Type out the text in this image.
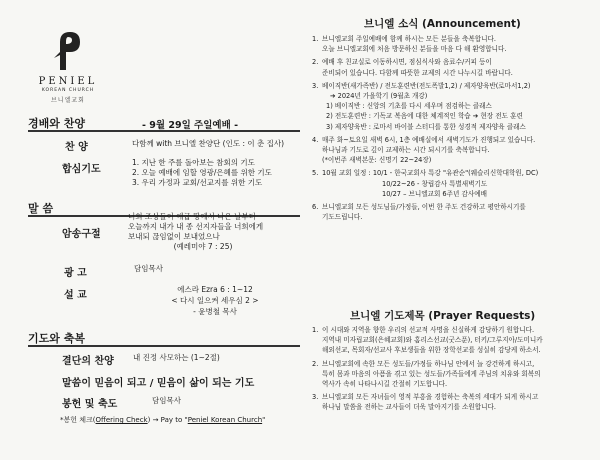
PENIEL
KOREAN CHURCH
브니엘교회
경배와 찬양	- 9월 29일 주일예배 -
찬 양	다함께 with 브니엘 찬양단 (인도 : 이 춘 집사)
합심기도
1. 지난 한 주를 돌아보는 참회의 기도
2. 오늘 예배에 임할 영광/은혜를 위한 기도
3. 우리 가정과 교회/선교지를 위한 기도
말 씀
암송구절
너희 조상들이 애굽 땅에서 나온 날부터
오늘까지 내가 내 종 선지자들을 너희에게
보내되 끊임없이 보내었으나
(예레미야 7 : 25)
광 고	담임목사
설 교
에스라 Ezra 6 : 1~12
< 다시 일으켜 세우심 2 >
- 윤병철 목사
기도와 축복
결단의 찬양	내 진정 사모하는 (1~2절)
말씀이 믿음이 되고 / 믿음이 삶이 되는 기도
봉헌 및 축도	담임목사
*봉헌 체크(Offering Check) → Pay to "Peniel Korean Church"
브니엘 소식 (Announcement)
1. 브니엘교회 주일예배에 함께 하시는 모든 분들을 축복합니다.
오늘 브니엘교회에 처음 방문하신 분들을 마음 다 해 환영합니다.
2. 예배 후 친교실로 이동하시면, 점심식사와 음료수/커피 등이
준비되어 있습니다. 다함께 따뜻한 교제의 시간 나누시길 바랍니다.
3. 베이직반(새가족반) / 전도훈련반(전도폭발1,2) / 제자양육반(로마서1,2)
➔ 2024년 가을학기 (9월초 개강)
1) 베이직반 : 신앙의 기초를 다시 세우며 점검하는 클래스
2) 전도훈련반 : 기독교 복음에 대한 체계적인 학습 ➔ 현장 전도 훈련
3) 제자양육반 : 로마서 바이블 스터디를 통한 성경적 제자양육 클래스
4. 매주 화~토요일 새벽 6시, 1층 예배실에서 새벽기도가 진행되고 있습니다.
하나님과 기도로 깊이 교제하는 시간 되시기를 축복합니다.
(*이번주 새벽본문: 신명기 22~24장)
5. 10월 교회 일정 : 10/1 - 한국교회사 특강 "유관순"(웨슬리신학대학원, DC)
10/22~26 - 창립감사 특별새벽기도
10/27 – 브니엘교회 6주년 감사예배
6. 브니엘교회 모든 성도님들/가정들, 이번 한 주도 건강하고 평안하시기를
기도드립니다.
브니엘 기도제목 (Prayer Requests)
1. 이 시대와 지역을 향한 우리의 선교적 사명을 신실하게 감당하기 원합니다.
지역내 미자립교회(은혜교회)와 홈리스선교(굿스푼), 터키/그루지아/도미니카
해외선교, 목회자/선교사 후보생들을 위한 장학선교를 성실히 감당케 하소서.
2. 브니엘교회에 속한 모든 성도들/가정들 하나님 안에서 늘 강건하게 하시고,
특히 몸과 마음의 아픔을 겪고 있는 성도들/가족들에게 주님의 치유와 회복의
역사가 속히 나타나시길 간절히 기도합니다.
3. 브니엘교회 모든 자녀들이 영적 부흥을 경험하는 축복의 세대가 되게 하시고
하나님 말씀을 전하는 교사들이 더욱 말아지기를 소원합니다.
